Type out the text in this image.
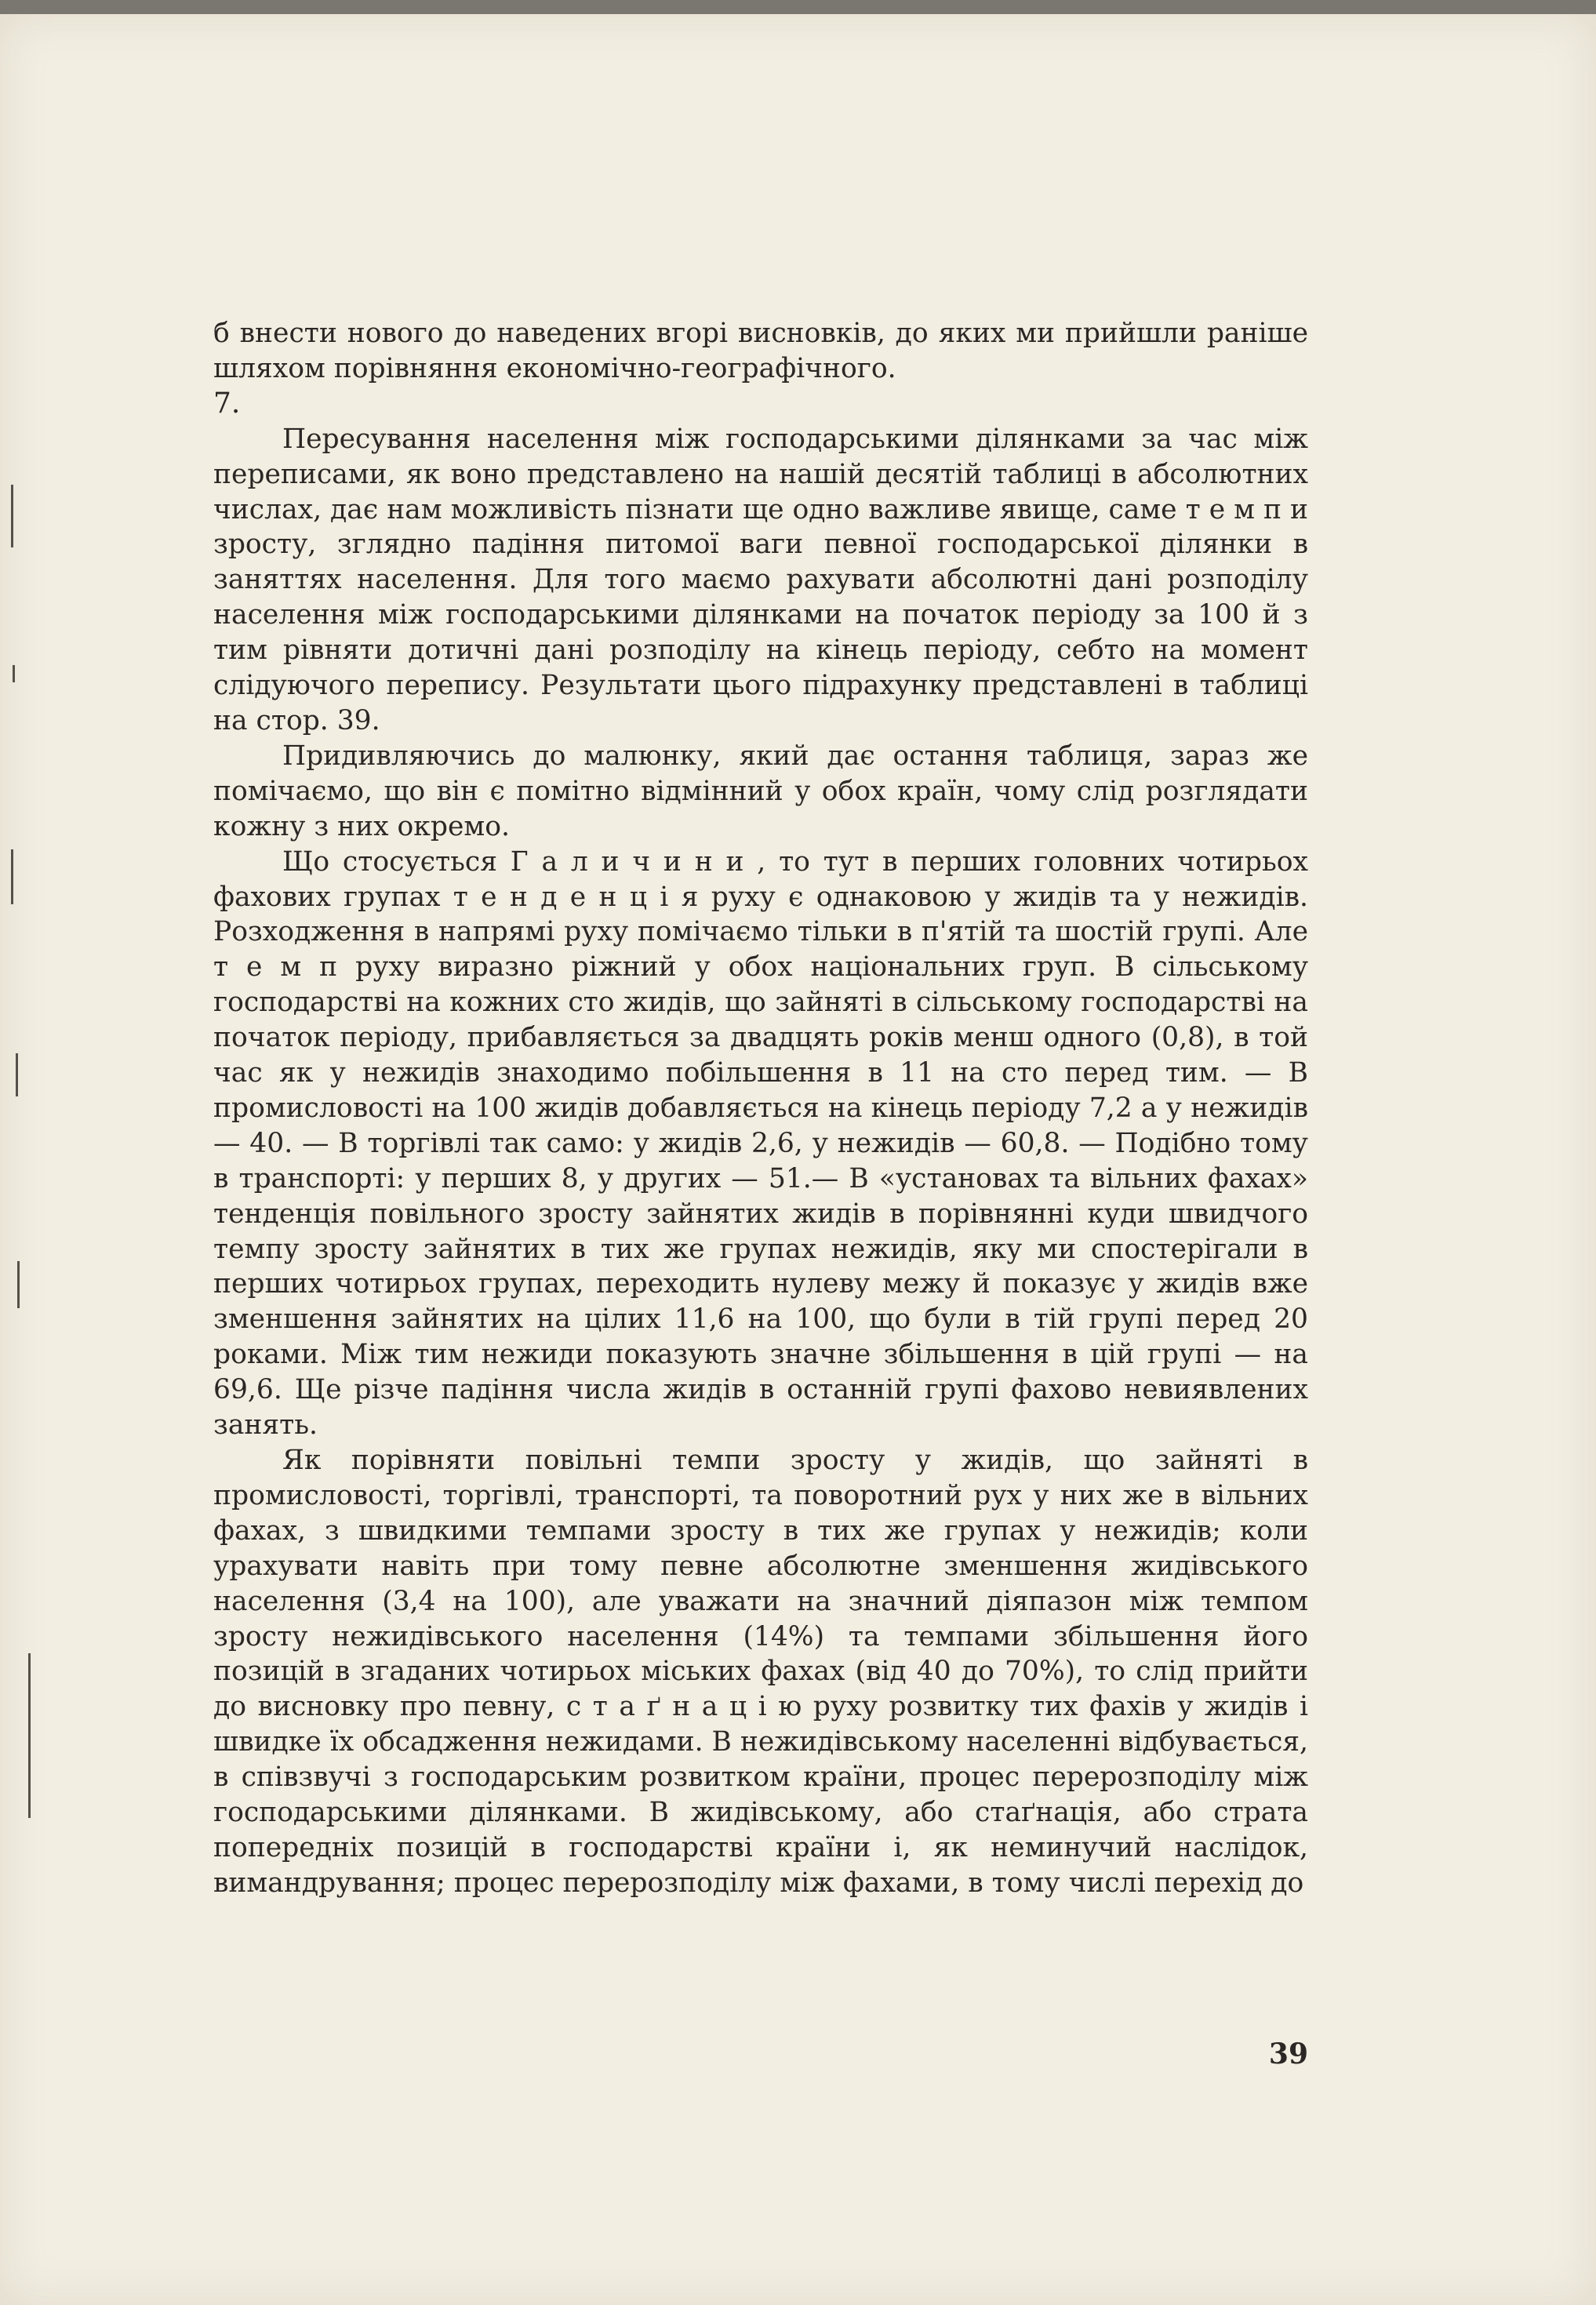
б внести нового до наведених вгорі висновків, до яких ми прийшли раніше шляхом порівняння економічно-географічного.

7.

Пересування населення між господарськими ділянками за час між переписами, як воно представлено на нашій десятій таблиці в абсолютних числах, дає нам можливість пізнати ще одно важливе явище, саме т е м п и зросту, зглядно падіння питомої ваги певної господарської ділянки в заняттях населення. Для того маємо рахувати абсолютні дані розподілу населення між господарськими ділянками на початок періоду за 100 й з тим рівняти дотичні дані розподілу на кінець періоду, себто на момент слідуючого перепису. Результати цього підрахунку представлені в таблиці на стор. 39.

Придивляючись до малюнку, який дає остання таблиця, зараз же помічаємо, що він є помітно відмінний у обох країн, чому слід розглядати кожну з них окремо.

Що стосується Г а л и ч и н и , то тут в перших головних чотирьох фахових групах т е н д е н ц і я руху є однаковою у жидів та у нежидів. Розходження в напрямі руху помічаємо тільки в п'ятій та шостій групі. Але т е м п руху виразно ріжний у обох національних груп. В сільському господарстві на кожних сто жидів, що зайняті в сільському господарстві на початок періоду, прибавляється за двадцять років менш одного (0,8), в той час як у нежидів знаходимо побільшення в 11 на сто перед тим. — В промисловості на 100 жидів добавляється на кінець періоду 7,2 а у нежидів — 40. — В торгівлі так само: у жидів 2,6, у нежидів — 60,8. — Подібно тому в транспорті: у перших 8, у других — 51.— В «установах та вільних фахах» тенденція повільного зросту зайнятих жидів в порівнянні куди швидчого темпу зросту зайнятих в тих же групах нежидів, яку ми спостерігали в перших чотирьох групах, переходить нулеву межу й показує у жидів вже зменшення зайнятих на цілих 11,6 на 100, що були в тій групі перед 20 роками. Між тим нежиди показують значне збільшення в цій групі — на 69,6. Ще різче падіння числа жидів в останній групі фахово невиявлених занять.

Як порівняти повільні темпи зросту у жидів, що зайняті в промисловості, торгівлі, транспорті, та поворотний рух у них же в вільних фахах, з швидкими темпами зросту в тих же групах у нежидів; коли урахувати навіть при тому певне абсолютне зменшення жидівського населення (3,4 на 100), але уважати на значний діяпазон між темпом зросту нежидівського населення (14%) та темпами збільшення його позицій в згаданих чотирьох міських фахах (від 40 до 70%), то слід прийти до висновку про певну, с т а ґ н а ц і ю руху розвитку тих фахів у жидів і швидке їх обсадження нежидами. В нежидівському населенні відбувається, в співзвучі з господарським розвитком країни, процес перерозподілу між господарськими ділянками. В жидівському, або стаґнація, або страта попередніх позицій в господарстві країни і, як неминучий наслідок, вимандрування; процес перерозподілу між фахами, в тому числі перехід до

39
